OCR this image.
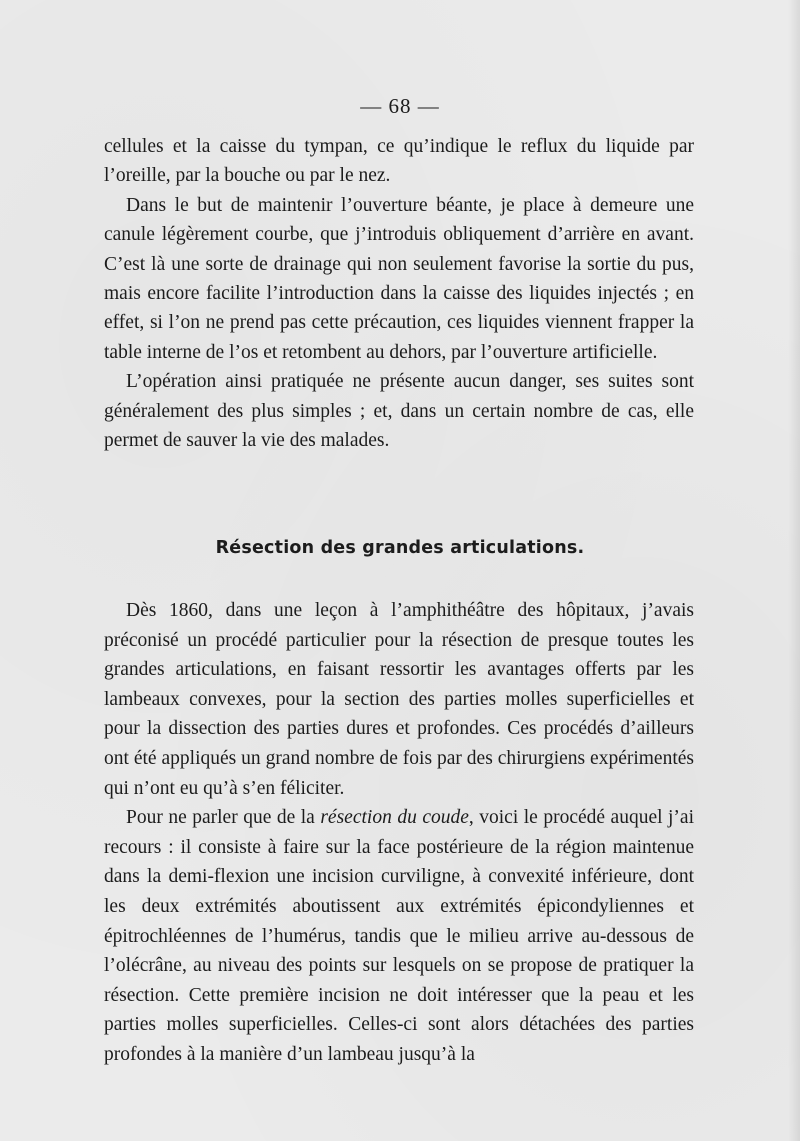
— 68 —

cellules et la caisse du tympan, ce qu’indique le reflux du liquide par l’oreille, par la bouche ou par le nez.

Dans le but de maintenir l’ouverture béante, je place à demeure une canule légèrement courbe, que j’introduis obliquement d’arrière en avant. C’est là une sorte de drainage qui non seulement favorise la sortie du pus, mais encore facilite l’introduction dans la caisse des liquides injectés ; en effet, si l’on ne prend pas cette précaution, ces liquides viennent frapper la table interne de l’os et retombent au dehors, par l’ouverture artificielle.

L’opération ainsi pratiquée ne présente aucun danger, ses suites sont généralement des plus simples ; et, dans un certain nombre de cas, elle permet de sauver la vie des malades.

Résection des grandes articulations.

Dès 1860, dans une leçon à l’amphithéâtre des hôpitaux, j’avais préconisé un procédé particulier pour la résection de presque toutes les grandes articulations, en faisant ressortir les avantages offerts par les lambeaux convexes, pour la section des parties molles superficielles et pour la dissection des parties dures et profondes. Ces procédés d’ailleurs ont été appliqués un grand nombre de fois par des chirurgiens expérimentés qui n’ont eu qu’à s’en féliciter.

Pour ne parler que de la résection du coude, voici le procédé auquel j’ai recours : il consiste à faire sur la face postérieure de la région maintenue dans la demi-flexion une incision curviligne, à convexité inférieure, dont les deux extrémités aboutissent aux extrémités épicondyliennes et épitrochléennes de l’humérus, tandis que le milieu arrive au-dessous de l’olécrâne, au niveau des points sur lesquels on se propose de pratiquer la résection. Cette première incision ne doit intéresser que la peau et les parties molles superficielles. Celles-ci sont alors détachées des parties profondes à la manière d’un lambeau jusqu’à la
